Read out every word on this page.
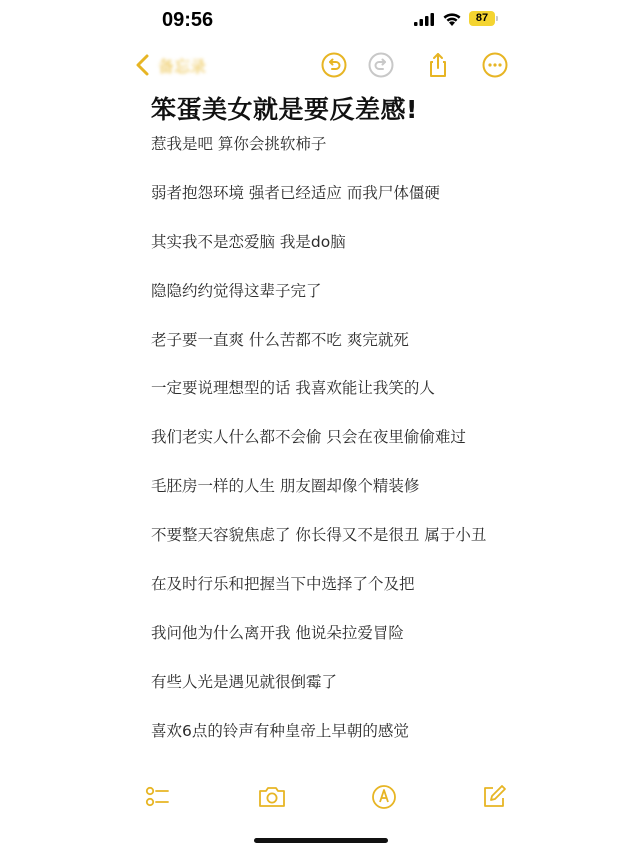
09:56	87
备忘录
笨蛋美女就是要反差感!
惹我是吧 算你会挑软柿子
弱者抱怨环境 强者已经适应 而我尸体僵硬
其实我不是恋爱脑 我是do脑
隐隐约约觉得这辈子完了
老子要一直爽 什么苦都不吃 爽完就死
一定要说理想型的话 我喜欢能让我笑的人
我们老实人什么都不会偷 只会在夜里偷偷难过
毛胚房一样的人生 朋友圈却像个精装修
不要整天容貌焦虑了 你长得又不是很丑 属于小丑
在及时行乐和把握当下中选择了个及把
我问他为什么离开我 他说朵拉爱冒险
有些人光是遇见就很倒霉了
喜欢6点的铃声有种皇帝上早朝的感觉
